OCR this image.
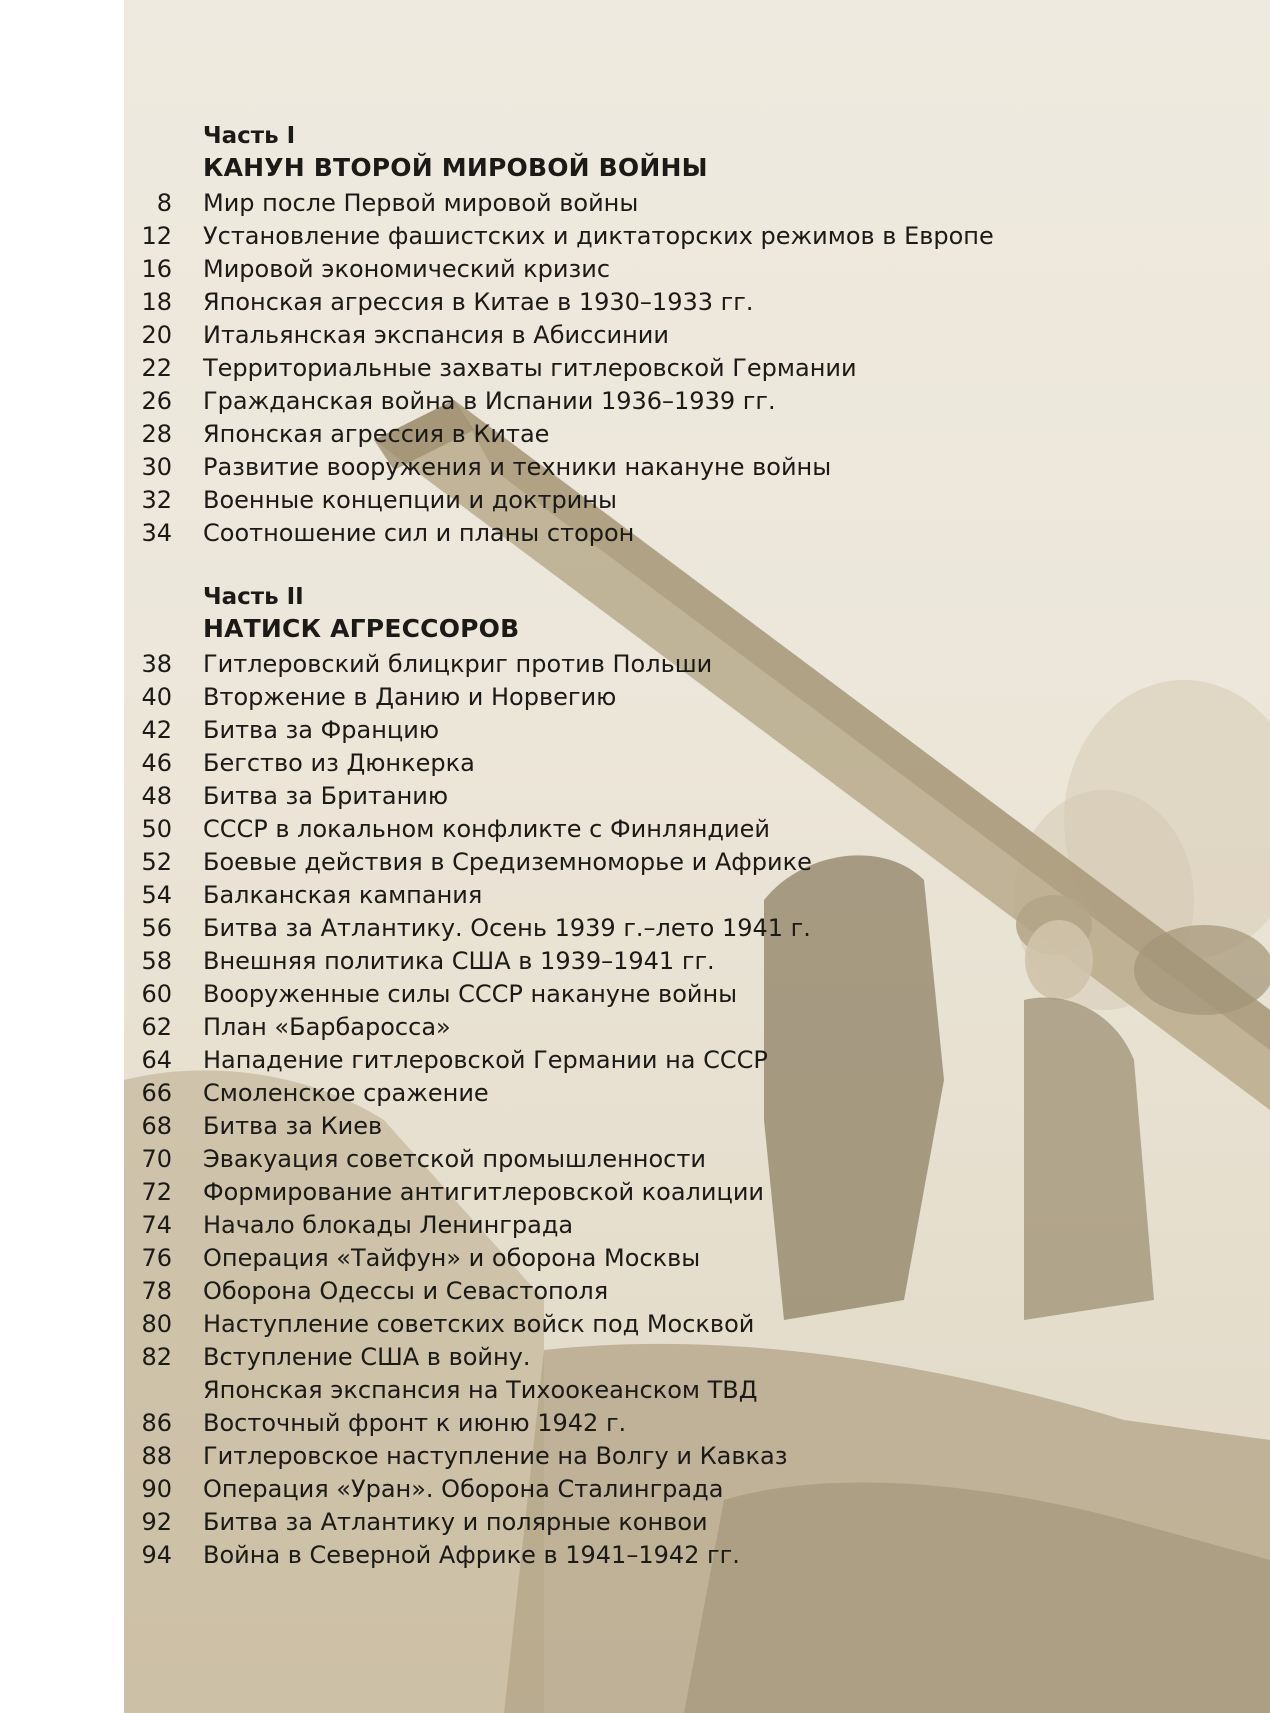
Часть I
КАНУН ВТОРОЙ МИРОВОЙ ВОЙНЫ
8 Мир после Первой мировой войны
12 Установление фашистских и диктаторских режимов в Европе
16 Мировой экономический кризис
18 Японская агрессия в Китае в 1930–1933 гг.
20 Итальянская экспансия в Абиссинии
22 Территориальные захваты гитлеровской Германии
26 Гражданская война в Испании 1936–1939 гг.
28 Японская агрессия в Китае
30 Развитие вооружения и техники накануне войны
32 Военные концепции и доктрины
34 Соотношение сил и планы сторон
Часть II
НАТИСК АГРЕССОРОВ
38 Гитлеровский блицкриг против Польши
40 Вторжение в Данию и Норвегию
42 Битва за Францию
46 Бегство из Дюнкерка
48 Битва за Британию
50 СССР в локальном конфликте с Финляндией
52 Боевые действия в Средиземноморье и Африке
54 Балканская кампания
56 Битва за Атлантику. Осень 1939 г.–лето 1941 г.
58 Внешняя политика США в 1939–1941 гг.
60 Вооруженные силы СССР накануне войны
62 План «Барбаросса»
64 Нападение гитлеровской Германии на СССР
66 Смоленское сражение
68 Битва за Киев
70 Эвакуация советской промышленности
72 Формирование антигитлеровской коалиции
74 Начало блокады Ленинграда
76 Операция «Тайфун» и оборона Москвы
78 Оборона Одессы и Севастополя
80 Наступление советских войск под Москвой
82 Вступление США в войну.
Японская экспансия на Тихоокеанском ТВД
86 Восточный фронт к июню 1942 г.
88 Гитлеровское наступление на Волгу и Кавказ
90 Операция «Уран». Оборона Сталинграда
92 Битва за Атлантику и полярные конвои
94 Война в Северной Африке в 1941–1942 гг.
